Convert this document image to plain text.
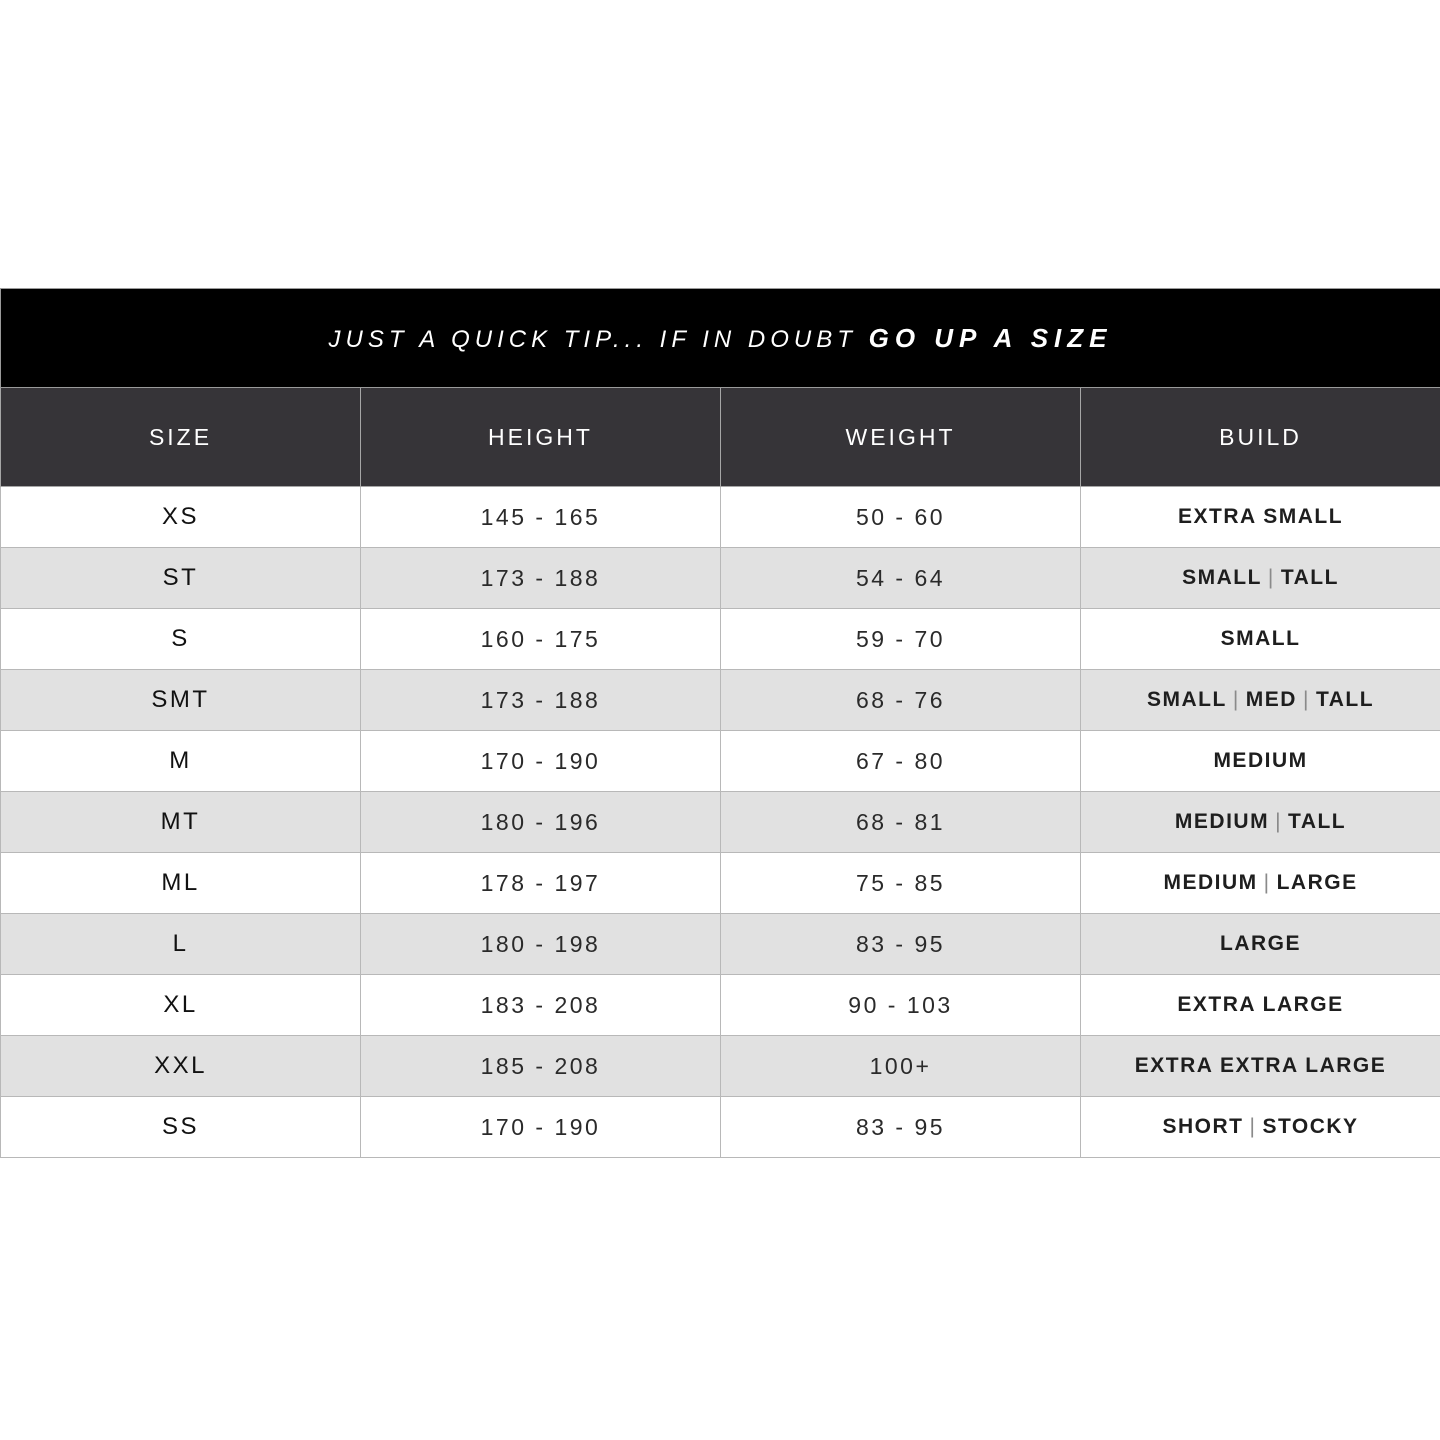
JUST A QUICK TIP... IF IN DOUBT GO UP A SIZE			
SIZE	HEIGHT	WEIGHT	BUILD
XS	145 - 165	50 - 60	EXTRA SMALL
ST	173 - 188	54 - 64	SMALL | TALL
S	160 - 175	59 - 70	SMALL
SMT	173 - 188	68 - 76	SMALL | MED | TALL
M	170 - 190	67 - 80	MEDIUM
MT	180 - 196	68 - 81	MEDIUM | TALL
ML	178 - 197	75 - 85	MEDIUM | LARGE
L	180 - 198	83 - 95	LARGE
XL	183 - 208	90 - 103	EXTRA LARGE
XXL	185 - 208	100+	EXTRA EXTRA LARGE
SS	170 - 190	83 - 95	SHORT | STOCKY
